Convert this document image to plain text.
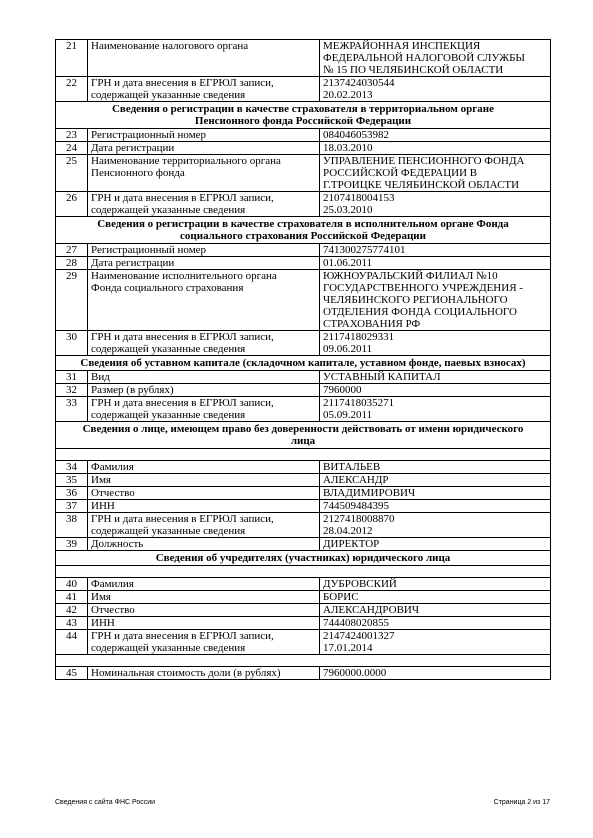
21	Наименование налогового органа	МЕЖРАЙОННАЯ ИНСПЕКЦИЯ
ФЕДЕРАЛЬНОЙ НАЛОГОВОЙ СЛУЖБЫ
№ 15 ПО ЧЕЛЯБИНСКОЙ ОБЛАСТИ
22	ГРН и дата внесения в ЕГРЮЛ записи,
содержащей указанные сведения	2137424030544
20.02.2013
Сведения о регистрации в качестве страхователя в территориальном органе
Пенсионного фонда Российской Федерации		
23	Регистрационный номер	084046053982
24	Дата регистрации	18.03.2010
25	Наименование территориального органа
Пенсионного фонда	УПРАВЛЕНИЕ ПЕНСИОННОГО ФОНДА
РОССИЙСКОЙ ФЕДЕРАЦИИ В
Г.ТРОИЦКЕ ЧЕЛЯБИНСКОЙ ОБЛАСТИ
26	ГРН и дата внесения в ЕГРЮЛ записи,
содержащей указанные сведения	2107418004153
25.03.2010
Сведения о регистрации в качестве страхователя в исполнительном органе Фонда
социального страхования Российской Федерации		
27	Регистрационный номер	741300275774101
28	Дата регистрации	01.06.2011
29	Наименование исполнительного органа
Фонда социального страхования	ЮЖНОУРАЛЬСКИЙ ФИЛИАЛ №10
ГОСУДАРСТВЕННОГО УЧРЕЖДЕНИЯ -
ЧЕЛЯБИНСКОГО РЕГИОНАЛЬНОГО
ОТДЕЛЕНИЯ ФОНДА СОЦИАЛЬНОГО
СТРАХОВАНИЯ РФ
30	ГРН и дата внесения в ЕГРЮЛ записи,
содержащей указанные сведения	2117418029331
09.06.2011
Сведения об уставном капитале (складочном капитале, уставном фонде, паевых взносах)		
31	Вид	УСТАВНЫЙ КАПИТАЛ
32	Размер (в рублях)	7960000
33	ГРН и дата внесения в ЕГРЮЛ записи,
содержащей указанные сведения	2117418035271
05.09.2011
Сведения о лице, имеющем право без доверенности действовать от имени юридического
лица		

34	Фамилия	ВИТАЛЬЕВ
35	Имя	АЛЕКСАНДР
36	Отчество	ВЛАДИМИРОВИЧ
37	ИНН	744509484395
38	ГРН и дата внесения в ЕГРЮЛ записи,
содержащей указанные сведения	2127418008870
28.04.2012
39	Должность	ДИРЕКТОР
Сведения об учредителях (участниках) юридического лица		

40	Фамилия	ДУБРОВСКИЙ
41	Имя	БОРИС
42	Отчество	АЛЕКСАНДРОВИЧ
43	ИНН	744408020855
44	ГРН и дата внесения в ЕГРЮЛ записи,
содержащей указанные сведения	2147424001327
17.01.2014

45	Номинальная стоимость доли (в рублях)	7960000.0000
Сведения с сайта ФНС России	Страница 2 из 17
